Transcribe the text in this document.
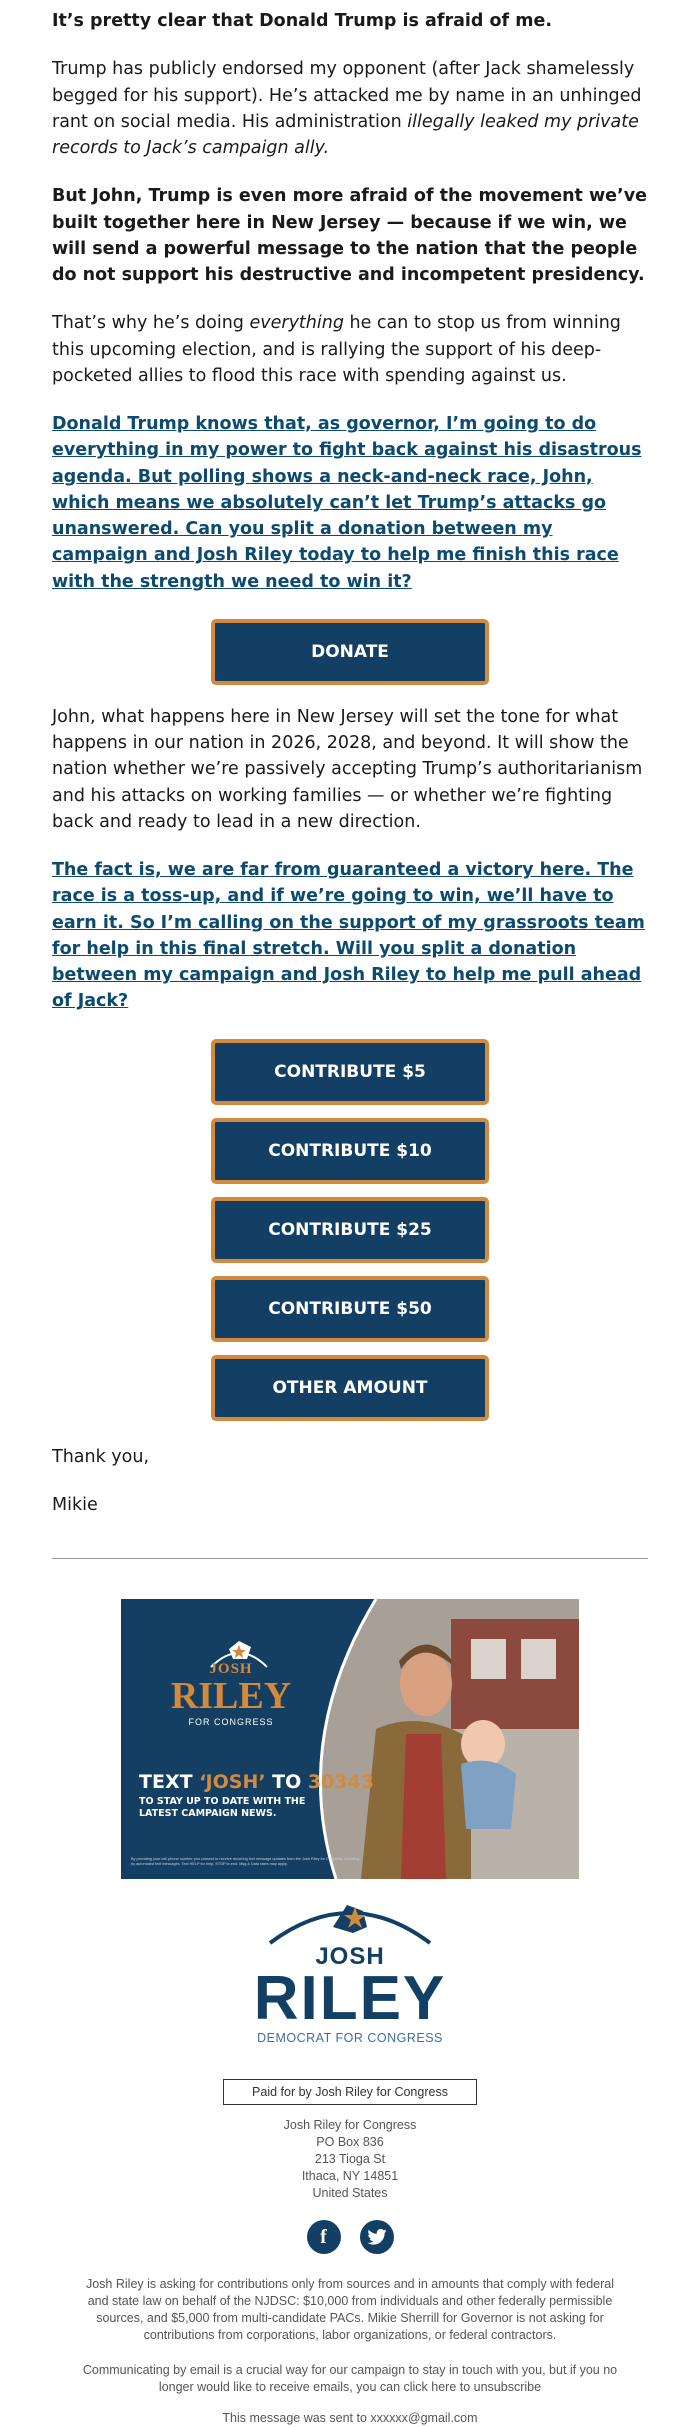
It’s pretty clear that Donald Trump is afraid of me.

Trump has publicly endorsed my opponent (after Jack shamelessly begged for his support). He’s attacked me by name in an unhinged rant on social media. His administration illegally leaked my private records to Jack’s campaign ally.

But John, Trump is even more afraid of the movement we’ve built together here in New Jersey — because if we win, we will send a powerful message to the nation that the people do not support his destructive and incompetent presidency.

That’s why he’s doing everything he can to stop us from winning this upcoming election, and is rallying the support of his deep-pocketed allies to flood this race with spending against us.

Donald Trump knows that, as governor, I’m going to do everything in my power to fight back against his disastrous agenda. But polling shows a neck-and-neck race, John, which means we absolutely can’t let Trump’s attacks go unanswered. Can you split a donation between my campaign and Josh Riley today to help me finish this race with the strength we need to win it?
DONATE

John, what happens here in New Jersey will set the tone for what happens in our nation in 2026, 2028, and beyond. It will show the nation whether we’re passively accepting Trump’s authoritarianism and his attacks on working families — or whether we’re fighting back and ready to lead in a new direction.

The fact is, we are far from guaranteed a victory here. The race is a toss-up, and if we’re going to win, we’ll have to earn it. So I’m calling on the support of my grassroots team for help in this final stretch. Will you split a donation between my campaign and Josh Riley to help me pull ahead of Jack?
CONTRIBUTE $5
CONTRIBUTE $10
CONTRIBUTE $25
CONTRIBUTE $50
OTHER AMOUNT

Thank you,

Mikie

JOSH
RILEY
FOR CONGRESS
TEXT ‘JOSH’ TO 30343
TO STAY UP TO DATE WITH THE
LATEST CAMPAIGN NEWS.
By providing your cell phone number you consent to receive recurring text message updates from the Josh Riley for Congress, including by automated text messages. Text HELP for help, STOP to end. Msg & Data rates may apply.
JOSH
RILEY
DEMOCRAT FOR CONGRESS
Paid for by Josh Riley for Congress
Josh Riley for Congress
PO Box 836
213 Tioga St
Ithaca, NY 14851
United States
f
Josh Riley is asking for contributions only from sources and in amounts that comply with federal and state law on behalf of the NJDSC: $10,000 from individuals and other federally permissible sources, and $5,000 from multi-candidate PACs. Mikie Sherrill for Governor is not asking for contributions from corporations, labor organizations, or federal contractors.
Communicating by email is a crucial way for our campaign to stay in touch with you, but if you no longer would like to receive emails, you can click here to unsubscribe
This message was sent to xxxxxx@gmail.com
